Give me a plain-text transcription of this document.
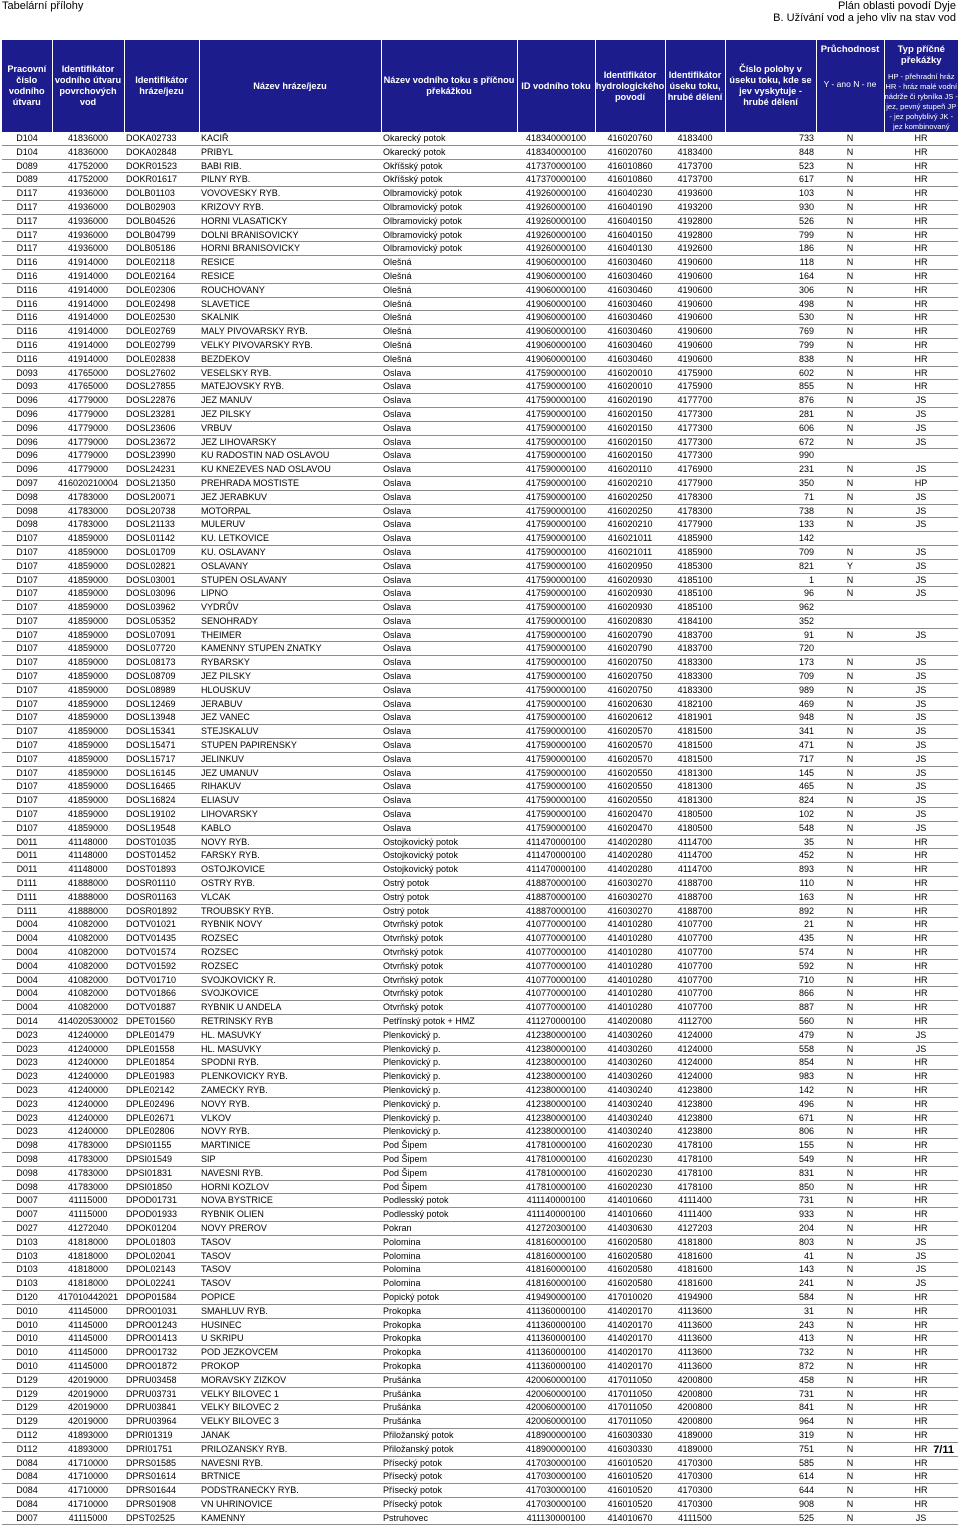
Tabelární přílohy	Plán oblasti povodí Dyje
B. Užívání vod a jeho vliv na stav vod
Pracovní číslo vodního útvaru	Identifikátor vodního útvaru povrchových vod	Identifikátor hráze/jezu	Název hráze/jezu	Název vodního toku s příčnou překážkou	ID vodního toku	Identifikátor hydrologického povodí	Identifikátor úseku toku, hrubé dělení	Číslo polohy v úseku toku, kde se jev vyskytuje - hrubé dělení	Průchodnost
Y - ano N - ne	Typ příčné překážky
HP - přehradní hráz HR - hráz malé vodní nádrže či rybníka JS - jez, pevný stupeň JP - jez pohyblivý JK - jez kombinovaný

D104	41836000	DOKA02733	KACIŘ	Okarecký potok	418340000100	416020760	4183400	733	N	HR
D104	41836000	DOKA02848	PRIBYL	Okarecký potok	418340000100	416020760	4183400	848	N	HR
D089	41752000	DOKR01523	BABI RIB.	Okříšský potok	417370000100	416010860	4173700	523	N	HR
D089	41752000	DOKR01617	PILNY RYB.	Okříšský potok	417370000100	416010860	4173700	617	N	HR
D117	41936000	DOLB01103	VOVOVESKY RYB.	Olbramovický potok	419260000100	416040230	4193600	103	N	HR
D117	41936000	DOLB02903	KRIZOVY RYB.	Olbramovický potok	419260000100	416040190	4193200	930	N	HR
D117	41936000	DOLB04526	HORNI VLASATICKY	Olbramovický potok	419260000100	416040150	4192800	526	N	HR
D117	41936000	DOLB04799	DOLNI BRANISOVICKY	Olbramovický potok	419260000100	416040150	4192800	799	N	HR
D117	41936000	DOLB05186	HORNI BRANISOVICKY	Olbramovický potok	419260000100	416040130	4192600	186	N	HR
D116	41914000	DOLE02118	RESICE	Olešná	419060000100	416030460	4190600	118	N	HR
D116	41914000	DOLE02164	RESICE	Olešná	419060000100	416030460	4190600	164	N	HR
D116	41914000	DOLE02306	ROUCHOVANY	Olešná	419060000100	416030460	4190600	306	N	HR
D116	41914000	DOLE02498	SLAVETICE	Olešná	419060000100	416030460	4190600	498	N	HR
D116	41914000	DOLE02530	SKALNIK	Olešná	419060000100	416030460	4190600	530	N	HR
D116	41914000	DOLE02769	MALY PIVOVARSKY RYB.	Olešná	419060000100	416030460	4190600	769	N	HR
D116	41914000	DOLE02799	VELKY PIVOVARSKY RYB.	Olešná	419060000100	416030460	4190600	799	N	HR
D116	41914000	DOLE02838	BEZDEKOV	Olešná	419060000100	416030460	4190600	838	N	HR
D093	41765000	DOSL27602	VESELSKY RYB.	Oslava	417590000100	416020010	4175900	602	N	HR
D093	41765000	DOSL27855	MATEJOVSKY RYB.	Oslava	417590000100	416020010	4175900	855	N	HR
D096	41779000	DOSL22876	JEZ MANUV	Oslava	417590000100	416020190	4177700	876	N	JS
D096	41779000	DOSL23281	JEZ PILSKY	Oslava	417590000100	416020150	4177300	281	N	JS
D096	41779000	DOSL23606	VRBUV	Oslava	417590000100	416020150	4177300	606	N	JS
D096	41779000	DOSL23672	JEZ LIHOVARSKY	Oslava	417590000100	416020150	4177300	672	N	JS
D096	41779000	DOSL23990	KU RADOSTIN NAD OSLAVOU	Oslava	417590000100	416020150	4177300	990		
D096	41779000	DOSL24231	KU KNEZEVES NAD OSLAVOU	Oslava	417590000100	416020110	4176900	231	N	JS
D097	416020210004	DOSL21350	PREHRADA MOSTISTE	Oslava	417590000100	416020210	4177900	350	N	HP
D098	41783000	DOSL20071	JEZ JERABKUV	Oslava	417590000100	416020250	4178300	71	N	JS
D098	41783000	DOSL20738	MOTORPAL	Oslava	417590000100	416020250	4178300	738	N	JS
D098	41783000	DOSL21133	MULERUV	Oslava	417590000100	416020210	4177900	133	N	JS
D107	41859000	DOSL01142	KU. LETKOVICE	Oslava	417590000100	416021011	4185900	142		
D107	41859000	DOSL01709	KU. OSLAVANY	Oslava	417590000100	416021011	4185900	709	N	JS
D107	41859000	DOSL02821	OSLAVANY	Oslava	417590000100	416020950	4185300	821	Y	JS
D107	41859000	DOSL03001	STUPEN OSLAVANY	Oslava	417590000100	416020930	4185100	1	N	JS
D107	41859000	DOSL03096	LIPNO	Oslava	417590000100	416020930	4185100	96	N	JS
D107	41859000	DOSL03962	VYDRŮV	Oslava	417590000100	416020930	4185100	962		
D107	41859000	DOSL05352	SENOHRADY	Oslava	417590000100	416020830	4184100	352		
D107	41859000	DOSL07091	THEIMER	Oslava	417590000100	416020790	4183700	91	N	JS
D107	41859000	DOSL07720	KAMENNY STUPEN ZNATKY	Oslava	417590000100	416020790	4183700	720		
D107	41859000	DOSL08173	RYBARSKY	Oslava	417590000100	416020750	4183300	173	N	JS
D107	41859000	DOSL08709	JEZ PILSKY	Oslava	417590000100	416020750	4183300	709	N	JS
D107	41859000	DOSL08989	HLOUSKUV	Oslava	417590000100	416020750	4183300	989	N	JS
D107	41859000	DOSL12469	JERABUV	Oslava	417590000100	416020630	4182100	469	N	JS
D107	41859000	DOSL13948	JEZ VANEC	Oslava	417590000100	416020612	4181901	948	N	JS
D107	41859000	DOSL15341	STEJSKALUV	Oslava	417590000100	416020570	4181500	341	N	JS
D107	41859000	DOSL15471	STUPEN PAPIRENSKY	Oslava	417590000100	416020570	4181500	471	N	JS
D107	41859000	DOSL15717	JELINKUV	Oslava	417590000100	416020570	4181500	717	N	JS
D107	41859000	DOSL16145	JEZ UMANUV	Oslava	417590000100	416020550	4181300	145	N	JS
D107	41859000	DOSL16465	RIHAKUV	Oslava	417590000100	416020550	4181300	465	N	JS
D107	41859000	DOSL16824	ELIASUV	Oslava	417590000100	416020550	4181300	824	N	JS
D107	41859000	DOSL19102	LIHOVARSKY	Oslava	417590000100	416020470	4180500	102	N	JS
D107	41859000	DOSL19548	KABLO	Oslava	417590000100	416020470	4180500	548	N	JS
D011	41148000	DOST01035	NOVY RYB.	Ostojkovický potok	411470000100	414020280	4114700	35	N	HR
D011	41148000	DOST01452	FARSKY RYB.	Ostojkovický potok	411470000100	414020280	4114700	452	N	HR
D011	41148000	DOST01893	OSTOJKOVICE	Ostojkovický potok	411470000100	414020280	4114700	893	N	HR
D111	41888000	DOSR01110	OSTRY RYB.	Ostrý potok	418870000100	416030270	4188700	110	N	HR
D111	41888000	DOSR01163	VLCAK	Ostrý potok	418870000100	416030270	4188700	163	N	HR
D111	41888000	DOSR01892	TROUBSKY RYB.	Ostrý potok	418870000100	416030270	4188700	892	N	HR
D004	41082000	DOTV01021	RYBNIK NOVY	Otvrňský potok	410770000100	414010280	4107700	21	N	HR
D004	41082000	DOTV01435	ROZSEC	Otvrňský potok	410770000100	414010280	4107700	435	N	HR
D004	41082000	DOTV01574	ROZSEC	Otvrňský potok	410770000100	414010280	4107700	574	N	HR
D004	41082000	DOTV01592	ROZSEC	Otvrňský potok	410770000100	414010280	4107700	592	N	HR
D004	41082000	DOTV01710	SVOJKOVICKY R.	Otvrňský potok	410770000100	414010280	4107700	710	N	HR
D004	41082000	DOTV01866	SVOJKOVICE	Otvrňský potok	410770000100	414010280	4107700	866	N	HR
D004	41082000	DOTV01887	RYBNIK U ANDELA	Otvrňský potok	410770000100	414010280	4107700	887	N	HR
D014	414020530002	DPET01560	RETRINSKY RYB	Petřínský potok + HMZ	411270000100	414020080	4112700	560	N	HR
D023	41240000	DPLE01479	HL. MASUVKY	Plenkovický p.	412380000100	414030260	4124000	479	N	JS
D023	41240000	DPLE01558	HL. MASUVKY	Plenkovický p.	412380000100	414030260	4124000	558	N	JS
D023	41240000	DPLE01854	SPODNI RYB.	Plenkovický p.	412380000100	414030260	4124000	854	N	HR
D023	41240000	DPLE01983	PLENKOVICKY RYB.	Plenkovický p.	412380000100	414030260	4124000	983	N	HR
D023	41240000	DPLE02142	ZAMECKY RYB.	Plenkovický p.	412380000100	414030240	4123800	142	N	HR
D023	41240000	DPLE02496	NOVY RYB.	Plenkovický p.	412380000100	414030240	4123800	496	N	HR
D023	41240000	DPLE02671	VLKOV	Plenkovický p.	412380000100	414030240	4123800	671	N	HR
D023	41240000	DPLE02806	NOVY RYB.	Plenkovický p.	412380000100	414030240	4123800	806	N	HR
D098	41783000	DPSI01155	MARTINICE	Pod Šipem	417810000100	416020230	4178100	155	N	HR
D098	41783000	DPSI01549	SIP	Pod Šipem	417810000100	416020230	4178100	549	N	HR
D098	41783000	DPSI01831	NAVESNI RYB.	Pod Šipem	417810000100	416020230	4178100	831	N	HR
D098	41783000	DPSI01850	HORNI KOZLOV	Pod Šipem	417810000100	416020230	4178100	850	N	HR
D007	41115000	DPOD01731	NOVA BYSTRICE	Podlesský potok	411140000100	414010660	4111400	731	N	HR
D007	41115000	DPOD01933	RYBNIK OLIEN	Podlesský potok	411140000100	414010660	4111400	933	N	HR
D027	41272040	DPOK01204	NOVY PREROV	Pokran	412720300100	414030630	4127203	204	N	HR
D103	41818000	DPOL01803	TASOV	Polomina	418160000100	416020580	4181800	803	N	JS
D103	41818000	DPOL02041	TASOV	Polomina	418160000100	416020580	4181600	41	N	JS
D103	41818000	DPOL02143	TASOV	Polomina	418160000100	416020580	4181600	143	N	JS
D103	41818000	DPOL02241	TASOV	Polomina	418160000100	416020580	4181600	241	N	JS
D120	417010442021	DPOP01584	POPICE	Popický potok	419490000100	417010020	4194900	584	N	HR
D010	41145000	DPRO01031	SMAHLUV RYB.	Prokopka	411360000100	414020170	4113600	31	N	HR
D010	41145000	DPRO01243	HUSINEC	Prokopka	411360000100	414020170	4113600	243	N	HR
D010	41145000	DPRO01413	U SKRIPU	Prokopka	411360000100	414020170	4113600	413	N	HR
D010	41145000	DPRO01732	POD JEZKOVCEM	Prokopka	411360000100	414020170	4113600	732	N	HR
D010	41145000	DPRO01872	PROKOP	Prokopka	411360000100	414020170	4113600	872	N	HR
D129	42019000	DPRU03458	MORAVSKY ZIZKOV	Prušánka	420060000100	417011050	4200800	458	N	HR
D129	42019000	DPRU03731	VELKY BILOVEC 1	Prušánka	420060000100	417011050	4200800	731	N	HR
D129	42019000	DPRU03841	VELKY BILOVEC 2	Prušánka	420060000100	417011050	4200800	841	N	HR
D129	42019000	DPRU03964	VELKY BILOVEC 3	Prušánka	420060000100	417011050	4200800	964	N	HR
D112	41893000	DPRI01319	JANAK	Přiložanský potok	418900000100	416030330	4189000	319	N	HR
D112	41893000	DPRI01751	PRILOZANSKY RYB.	Přiložanský potok	418900000100	416030330	4189000	751	N	HR
D084	41710000	DPRS01585	NAVESNI RYB.	Přísecký potok	417030000100	416010520	4170300	585	N	HR
D084	41710000	DPRS01614	BRTNICE	Přísecký potok	417030000100	416010520	4170300	614	N	HR
D084	41710000	DPRS01644	PODSTRANECKY RYB.	Přísecký potok	417030000100	416010520	4170300	644	N	HR
D084	41710000	DPRS01908	VN UHRINOVICE	Přísecký potok	417030000100	416010520	4170300	908	N	HR
D007	41115000	DPST02525	KAMENNY	Pstruhovec	411130000100	414010670	4111500	525	N	JS
7/11
